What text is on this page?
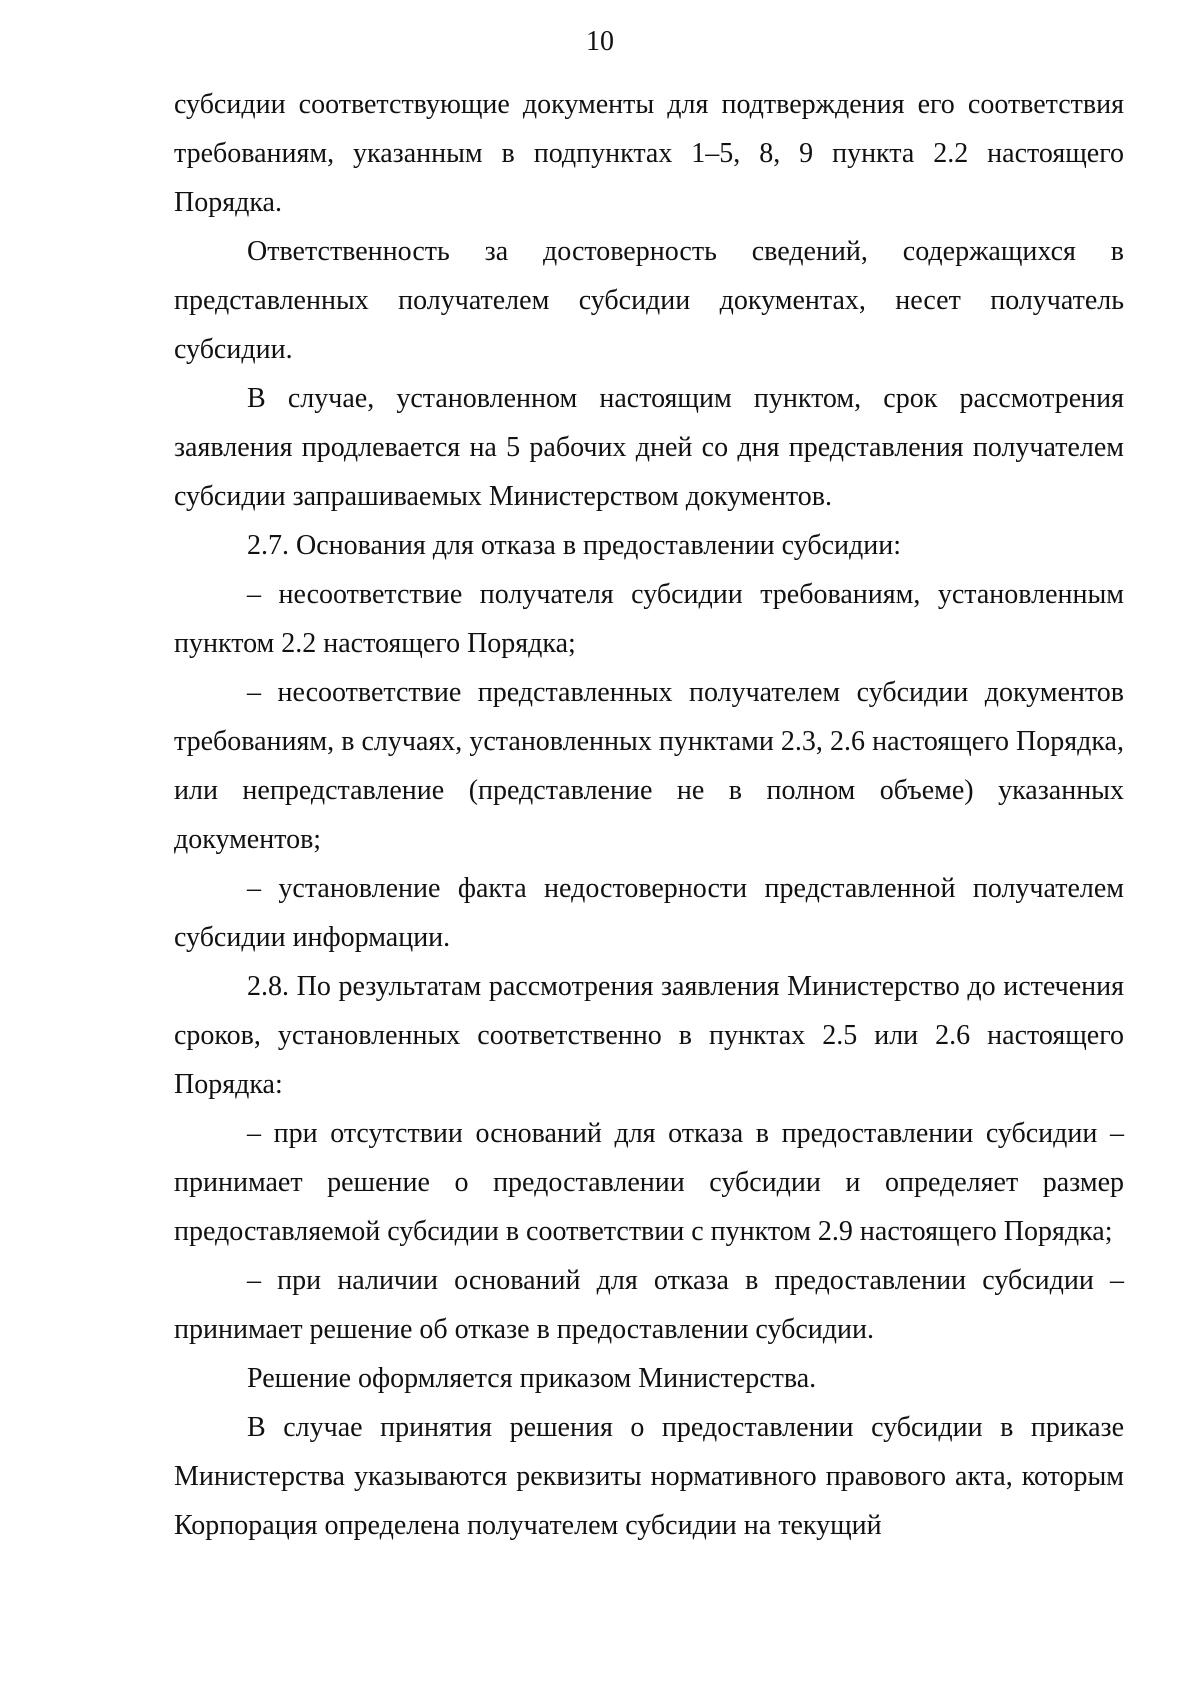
10

субсидии соответствующие документы для подтверждения его соответствия требованиям, указанным в подпунктах 1–5, 8, 9 пункта 2.2 настоящего Порядка.

Ответственность за достоверность сведений, содержащихся в представленных получателем субсидии документах, несет получатель субсидии.

В случае, установленном настоящим пунктом, срок рассмотрения заявления продлевается на 5 рабочих дней со дня представления получателем субсидии запрашиваемых Министерством документов.

2.7. Основания для отказа в предоставлении субсидии:

– несоответствие получателя субсидии требованиям, установленным пунктом 2.2 настоящего Порядка;

– несоответствие представленных получателем субсидии документов требованиям, в случаях, установленных пунктами 2.3, 2.6 настоящего Порядка, или непредставление (представление не в полном объеме) указанных документов;

– установление факта недостоверности представленной получателем субсидии информации.

2.8. По результатам рассмотрения заявления Министерство до истечения сроков, установленных соответственно в пунктах 2.5 или 2.6 настоящего Порядка:

– при отсутствии оснований для отказа в предоставлении субсидии – принимает решение о предоставлении субсидии и определяет размер предоставляемой субсидии в соответствии с пунктом 2.9 настоящего Порядка;

– при наличии оснований для отказа в предоставлении субсидии – принимает решение об отказе в предоставлении субсидии.

Решение оформляется приказом Министерства.

В случае принятия решения о предоставлении субсидии в приказе Министерства указываются реквизиты нормативного правового акта, которым Корпорация определена получателем субсидии на текущий
